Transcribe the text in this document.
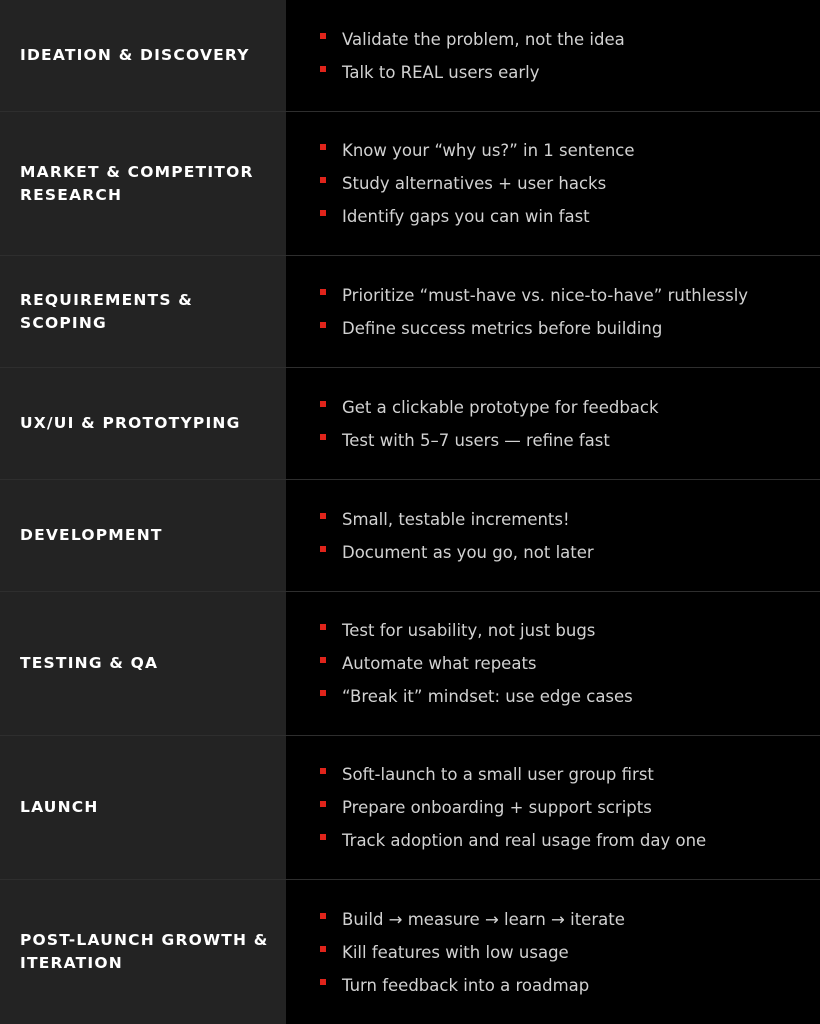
IDEATION & DISCOVERY
Validate the problem, not the idea
Talk to REAL users early
MARKET & COMPETITOR RESEARCH
Know your “why us?” in 1 sentence
Study alternatives + user hacks
Identify gaps you can win fast
REQUIREMENTS & SCOPING
Prioritize “must-have vs. nice-to-have” ruthlessly
Define success metrics before building
UX/UI & PROTOTYPING
Get a clickable prototype for feedback
Test with 5–7 users — refine fast
DEVELOPMENT
Small, testable increments!
Document as you go, not later
TESTING & QA
Test for usability, not just bugs
Automate what repeats
“Break it” mindset: use edge cases
LAUNCH
Soft-launch to a small user group first
Prepare onboarding + support scripts
Track adoption and real usage from day one
POST-LAUNCH GROWTH & ITERATION
Build → measure → learn → iterate
Kill features with low usage
Turn feedback into a roadmap
